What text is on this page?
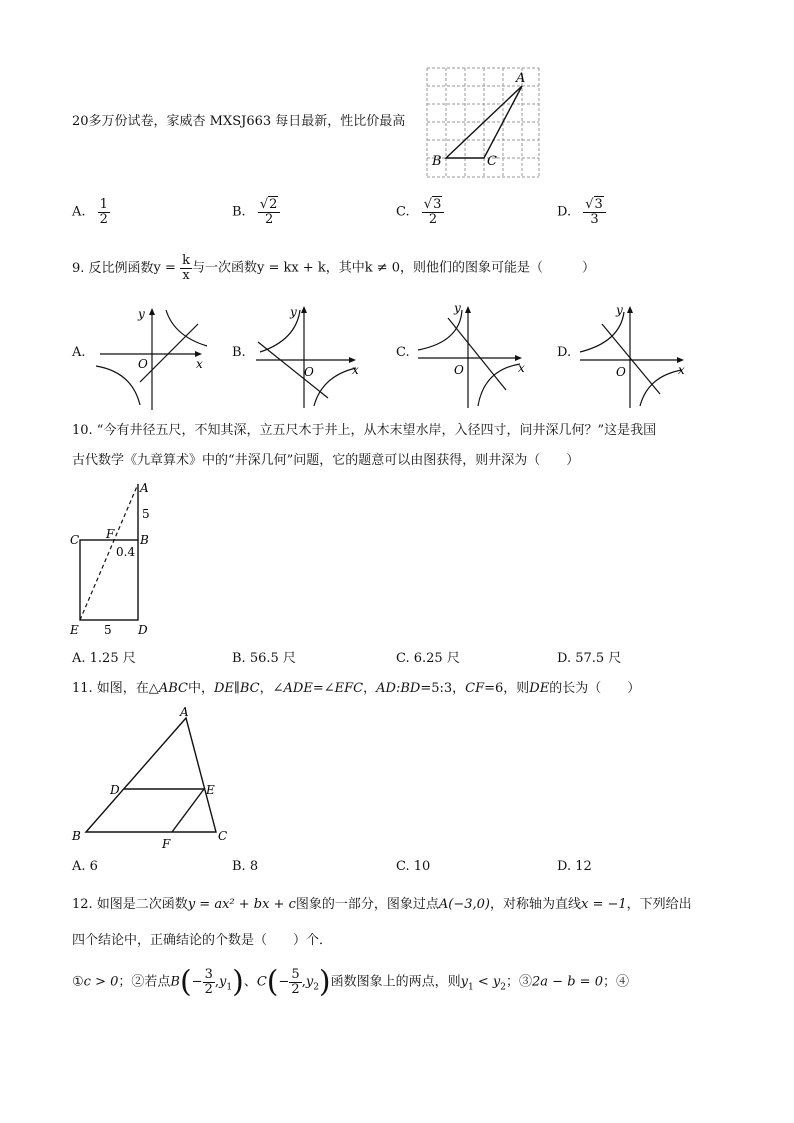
20多万份试卷，家威杏 MXSJ663 每日最新，性比价最高
A
B	C
A. $\frac{1}{2}$	B. $\frac{√2}{2}$	C. $\frac{√3}{2}$	D. $\frac{√3}{3}$
9. 反比例函数$y = \frac{k}{x}$ 与一次函数y = kx + k，其中k ≠ 0，则他们的图象可能是（　　　）
A.
y
x
O
B.
y
x
O
C.
y
x
O
D.
y
x
O
10. “今有井径五尺，不知其深，立五尺木于井上，从木末望水岸，入径四寸，问井深几何？”这是我国
古代数学《九章算术》中的“井深几何”问题，它的题意可以由图获得，则井深为（　　）
A
5
B
0.4
F
C
E 5 D
A. 1.25 尺	B. 56.5 尺	C. 6.25 尺	D. 57.5 尺
11. 如图，在△ABC中，DE∥BC，∠ADE=∠EFC，AD:BD=5:3，CF=6，则DE的长为（　　）
A
D	E
B	C
F
A. 6	B. 8	C. 10	D. 12
12. 如图是二次函数y = ax² + bx + c图象的一部分，图象过点A(−3,0)，对称轴为直线x = −1，下列给出
四个结论中，正确结论的个数是（　　）个．
①c > 0；②若点$B(- \frac{3}{2} ,y_1)$、$C(- \frac{5}{2} ,y_2)$函数图象上的两点，则$y_1 < y_2$；③2a − b = 0；④
